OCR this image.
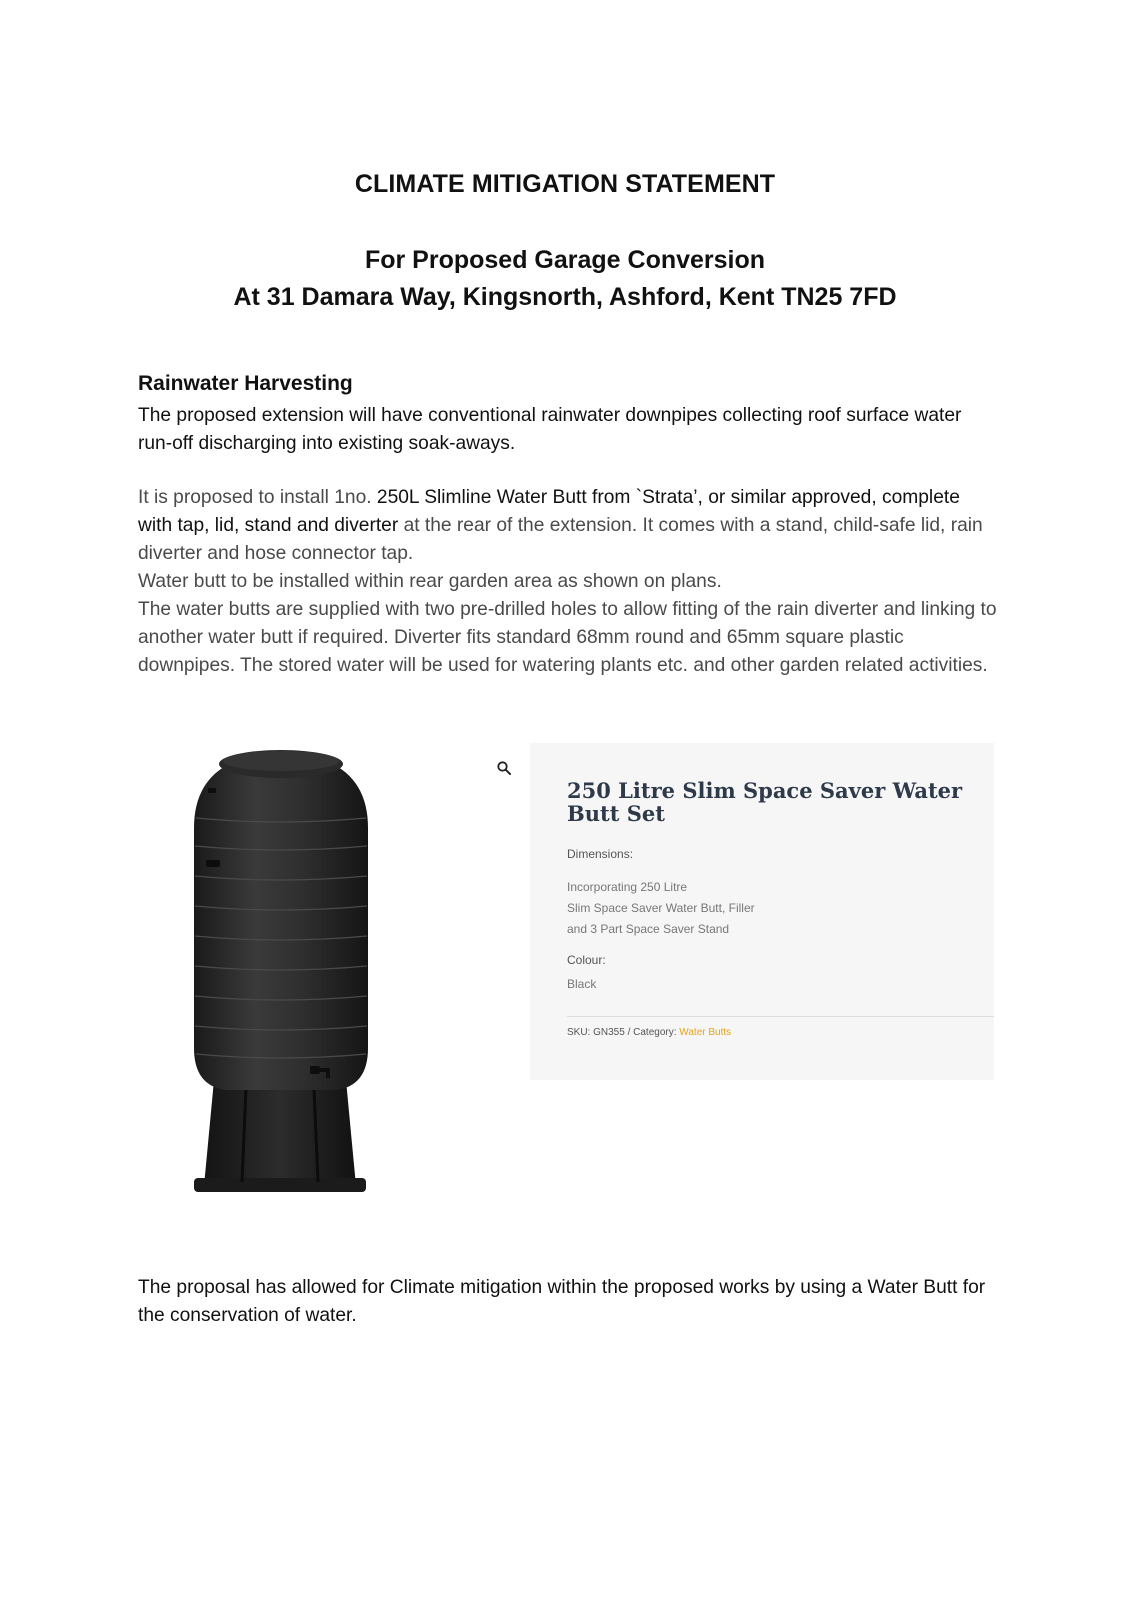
CLIMATE MITIGATION STATEMENT
For Proposed Garage Conversion
At 31 Damara Way, Kingsnorth, Ashford, Kent TN25 7FD
Rainwater Harvesting
The proposed extension will have conventional rainwater downpipes collecting roof surface water run-off discharging into existing soak-aways.
It is proposed to install 1no. 250L Slimline Water Butt from `Strata’, or similar approved, complete with tap, lid, stand and diverter at the rear of the extension. It comes with a stand, child-safe lid, rain diverter and hose connector tap.
Water butt to be installed within rear garden area as shown on plans.
The water butts are supplied with two pre-drilled holes to allow fitting of the rain diverter and linking to another water butt if required. Diverter fits standard 68mm round and 65mm square plastic downpipes. The stored water will be used for watering plants etc. and other garden related activities.
250 Litre Slim Space Saver Water Butt Set
Dimensions:
Incorporating 250 Litre
Slim Space Saver Water Butt, Filler
and 3 Part Space Saver Stand
Colour:
Black
SKU: GN355 / Category: Water Butts
The proposal has allowed for Climate mitigation within the proposed works by using a Water Butt for the conservation of water.
